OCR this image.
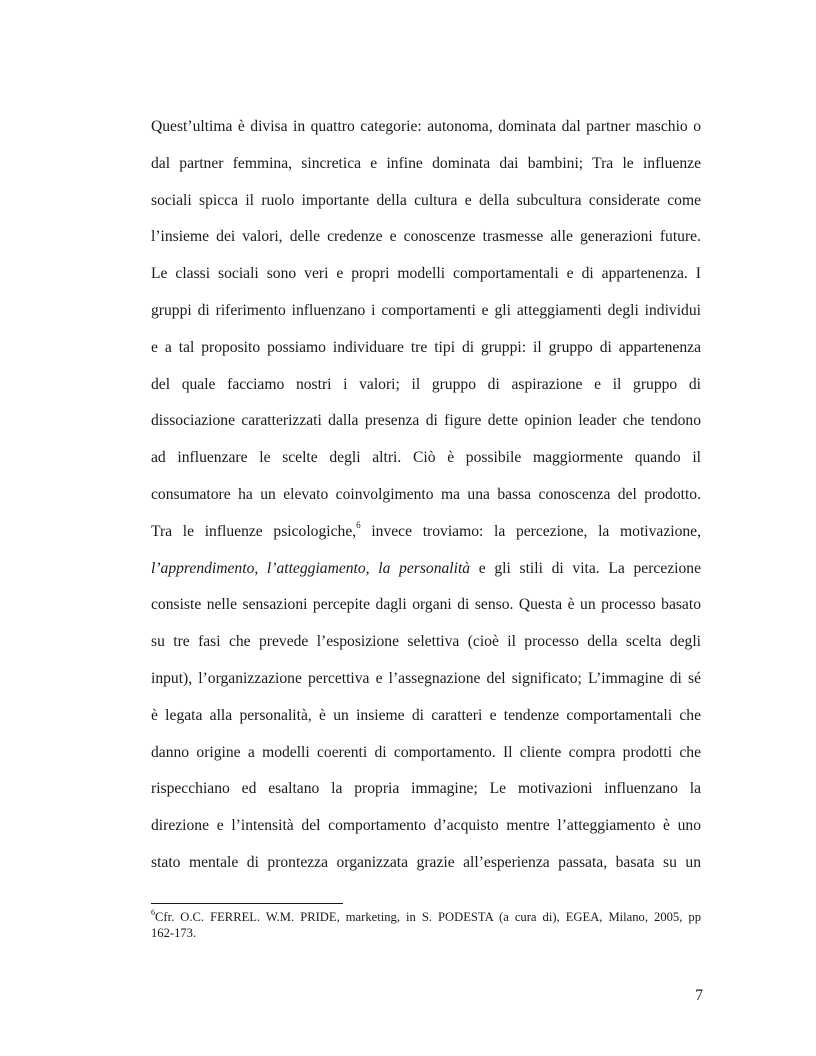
Quest’ultima è divisa in quattro categorie: autonoma, dominata dal partner maschio o
dal partner femmina, sincretica e infine dominata dai bambini; Tra le influenze
sociali spicca il ruolo importante della cultura e della subcultura considerate come
l’insieme dei valori, delle credenze e conoscenze trasmesse alle generazioni future.
Le classi sociali sono veri e propri modelli comportamentali e di appartenenza. I
gruppi di riferimento influenzano i comportamenti e gli atteggiamenti degli individui
e a tal proposito possiamo individuare tre tipi di gruppi: il gruppo di appartenenza
del quale facciamo nostri i valori; il gruppo di aspirazione e il gruppo di
dissociazione caratterizzati dalla presenza di figure dette opinion leader che tendono
ad influenzare le scelte degli altri. Ciò è possibile maggiormente quando il
consumatore ha un elevato coinvolgimento ma una bassa conoscenza del prodotto.
Tra le influenze psicologiche,$^6$ invece troviamo: la percezione, la motivazione,
l’apprendimento, l’atteggiamento, la personalità e gli stili di vita. La percezione
consiste nelle sensazioni percepite dagli organi di senso. Questa è un processo basato
su tre fasi che prevede l’esposizione selettiva (cioè il processo della scelta degli
input), l’organizzazione percettiva e l’assegnazione del significato; L’immagine di sé
è legata alla personalità, è un insieme di caratteri e tendenze comportamentali che
danno origine a modelli coerenti di comportamento. Il cliente compra prodotti che
rispecchiano ed esaltano la propria immagine; Le motivazioni influenzano la
direzione e l’intensità del comportamento d’acquisto mentre l’atteggiamento è uno
stato mentale di prontezza organizzata grazie all’esperienza passata, basata su un
$^6$Cfr. O.C. FERREL. W.M. PRIDE, marketing, in S. PODESTA (a cura di), EGEA, Milano, 2005, pp
162-173.
7
